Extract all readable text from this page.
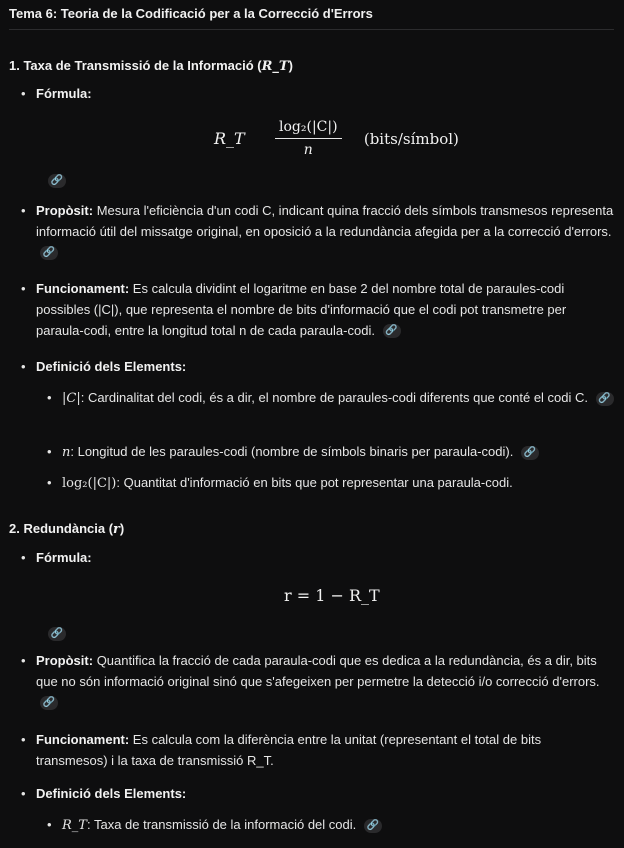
Tema 6: Teoria de la Codificació per a la Correcció d'Errors
1. Taxa de Transmissió de la Informació (R_T)
• Fórmula:
R_T $\frac{\text{log₂(|C|)}}{n}$ (bits/símbol)
🔗
• Propòsit: Mesura l'eficiència d'un codi C, indicant quina fracció dels símbols transmesos representa informació útil del missatge original, en oposició a la redundància afegida per a la correcció d'errors. 🔗
• Funcionament: Es calcula dividint el logaritme en base 2 del nombre total de paraules-codi possibles (|C|), que representa el nombre de bits d'informació que el codi pot transmetre per paraula-codi, entre la longitud total n de cada paraula-codi. 🔗
• Definició dels Elements:
• |C|: Cardinalitat del codi, és a dir, el nombre de paraules-codi diferents que conté el codi C. 🔗
• n: Longitud de les paraules-codi (nombre de símbols binaris per paraula-codi). 🔗
• log₂(|C|): Quantitat d'informació en bits que pot representar una paraula-codi.
2. Redundància (r)
• Fórmula:
r = 1 − R_T
🔗
• Propòsit: Quantifica la fracció de cada paraula-codi que es dedica a la redundància, és a dir, bits que no són informació original sinó que s'afegeixen per permetre la detecció i/o correcció d'errors. 🔗
• Funcionament: Es calcula com la diferència entre la unitat (representant el total de bits transmesos) i la taxa de transmissió R_T.
• Definició dels Elements:
• R_T: Taxa de transmissió de la informació del codi. 🔗
